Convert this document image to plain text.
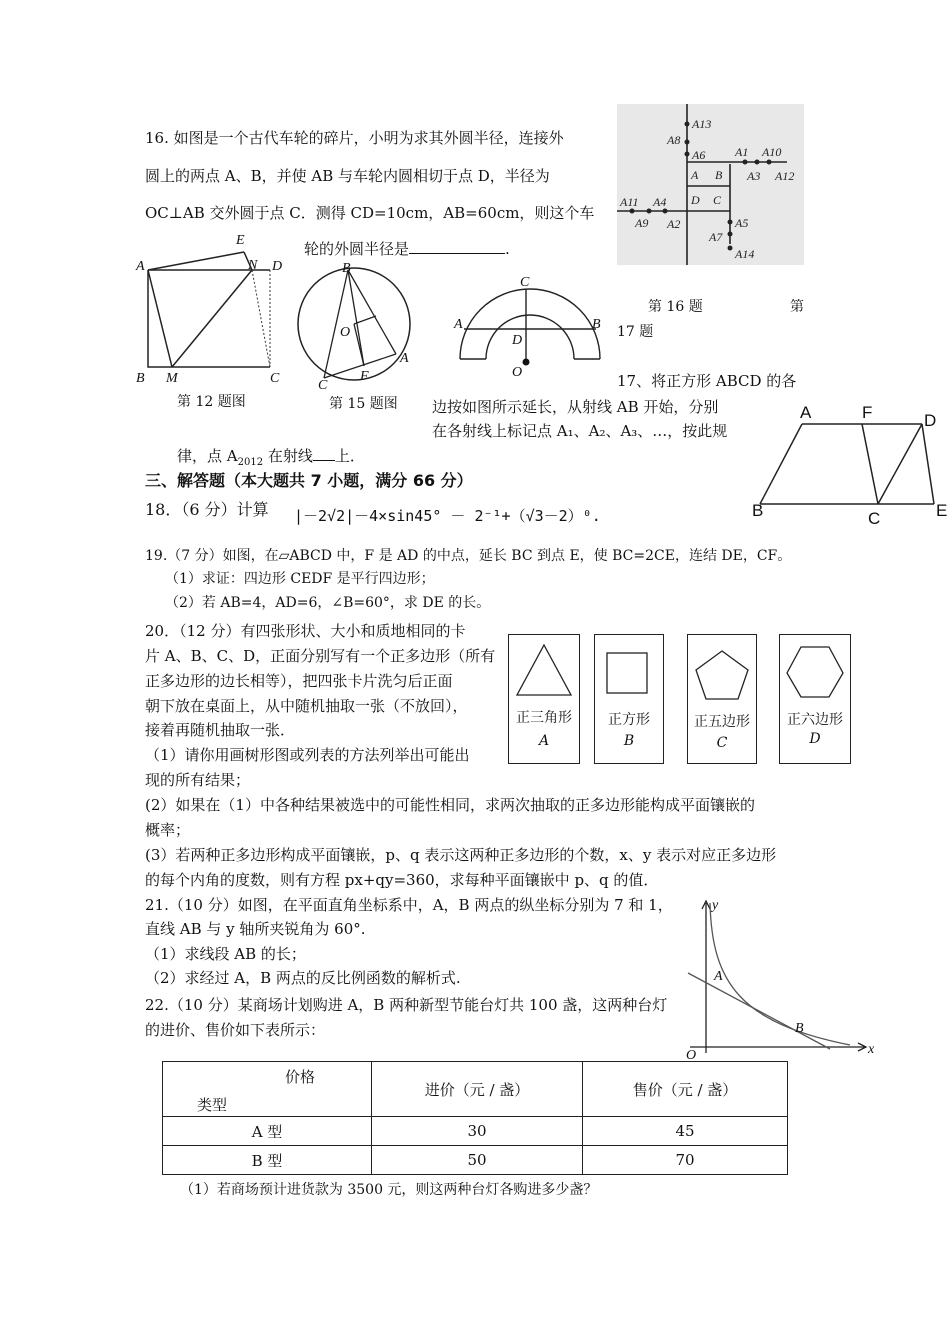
16. 如图是一个古代车轮的碎片，小明为求其外圆半径，连接外
圆上的两点 A、B，并使 AB 与车轮内圆相切于点 D，半径为
OC⊥AB 交外圆于点 C．测得 CD=10cm，AB=60cm，则这个车
轮的外圆半径是	.
A13
A8
A6 A1 A10
A B A3 A12
A11 A4 D C
A9 A2	A5
A7
A14
A
E
N D
B M	C
第 12 题图
B
O
A
C
F
第 15 题图
C
A	B
D
O
第 16 题	第
17 题
17、将正方形 ABCD 的各
边按如图所示延长，从射线 AB 开始，分别
在各射线上标记点 A₁、A₂、A₃、…，按此规
律，点 $A_{2012}$ 在射线 上．
A	F	D
B	C	E
三、解答题（本大题共 7 小题，满分 66 分）
18．（6 分）计算 |－2√2|－4×sin45° － 2⁻¹+（√3－2）⁰.
19.（7 分）如图，在▱ABCD 中，F 是 AD 的中点，延长 BC 到点 E，使 BC=2CE，连结 DE，CF。
（1）求证：四边形 CEDF 是平行四边形；
（2）若 AB=4，AD=6，∠B=60°，求 DE 的长。
20．（12 分）有四张形状、大小和质地相同的卡
片 A、B、C、D，正面分别写有一个正多边形（所有
正多边形的边长相等），把四张卡片洗匀后正面
朝下放在桌面上，从中随机抽取一张（不放回），
接着再随机抽取一张．
（1）请你用画树形图或列表的方法列举出可能出
现的所有结果；
(2）如果在（1）中各种结果被选中的可能性相同，求两次抽取的正多边形能构成平面镶嵌的
概率；
(3）若两种正多边形构成平面镶嵌，p、q 表示这两种正多边形的个数，x、y 表示对应正多边形
的每个内角的度数，则有方程 px+qy=360，求每种平面镶嵌中 p、q 的值．
正三角形
A
正方形
B
正五边形
C
正六边形
D
21.（10 分）如图，在平面直角坐标系中，A，B 两点的纵坐标分别为 7 和 1，
直线 AB 与 y 轴所夹锐角为 60°.
（1）求线段 AB 的长；
（2）求经过 A，B 两点的反比例函数的解析式.
y
A
B
O	x
22.（10 分）某商场计划购进 A，B 两种新型节能台灯共 100 盏，这两种台灯
的进价、售价如下表所示：
价格
类型	进价（元 / 盏）	售价（元 / 盏）
A 型	30	45
B 型	50	70
（1）若商场预计进货款为 3500 元，则这两种台灯各购进多少盏？
